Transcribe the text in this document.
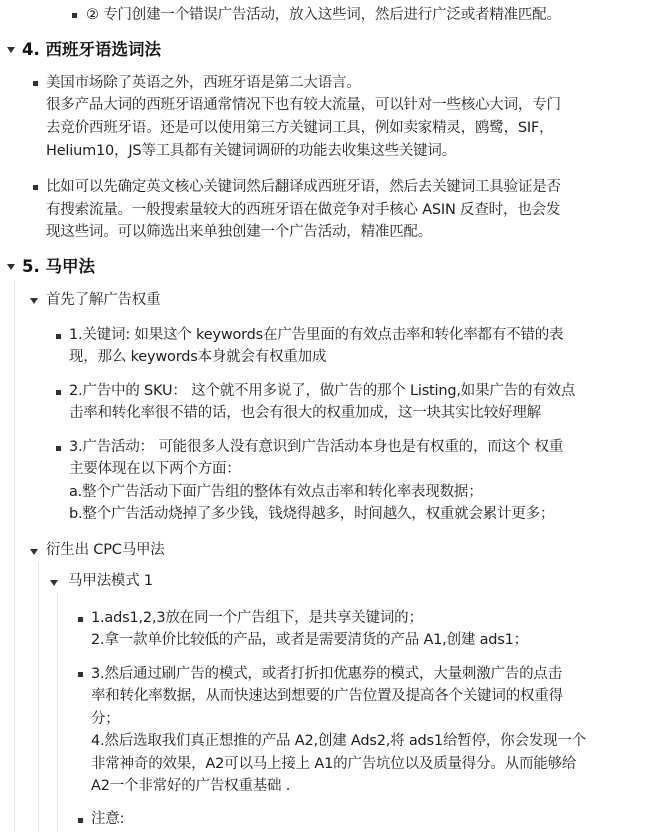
② 专门创建一个错误广告活动，放入这些词，然后进行广泛或者精准匹配。
4. 西班牙语选词法
美国市场除了英语之外，西班牙语是第二大语言。
很多产品大词的西班牙语通常情况下也有较大流量，可以针对一些核心大词，专门
去竞价西班牙语。还是可以使用第三方关键词工具，例如卖家精灵，鸥鹭，SIF，
Helium10，JS等工具都有关键词调研的功能去收集这些关键词。
比如可以先确定英文核心关键词然后翻译成西班牙语，然后去关键词工具验证是否
有搜索流量。一般搜索量较大的西班牙语在做竞争对手核心 ASIN 反查时，也会发
现这些词。可以筛选出来单独创建一个广告活动，精准匹配。
5. 马甲法
首先了解广告权重
1.关键词: 如果这个 keywords在广告里面的有效点击率和转化率都有不错的表
现，那么 keywords本身就会有权重加成
2.广告中的 SKU： 这个就不用多说了，做广告的那个 Listing,如果广告的有效点
击率和转化率很不错的话，也会有很大的权重加成，这一块其实比较好理解
3.广告活动： 可能很多人没有意识到广告活动本身也是有权重的，而这个 权重
主要体现在以下两个方面：
a.整个广告活动下面广告组的整体有效点击率和转化率表现数据；
b.整个广告活动烧掉了多少钱，钱烧得越多，时间越久，权重就会累计更多；
衍生出 CPC马甲法
马甲法模式 1
1.ads1,2,3放在同一个广告组下，是共享关键词的；
2.拿一款单价比较低的产品，或者是需要清货的产品 A1,创建 ads1；
3.然后通过刷广告的模式，或者打折扣优惠券的模式，大量刺激广告的点击
率和转化率数据，从而快速达到想要的广告位置及提高各个关键词的权重得
分；
4.然后选取我们真正想推的产品 A2,创建 Ads2,将 ads1给暂停，你会发现一个
非常神奇的效果，A2可以马上接上 A1的广告坑位以及质量得分。从而能够给
A2一个非常好的广告权重基础 .
注意:
